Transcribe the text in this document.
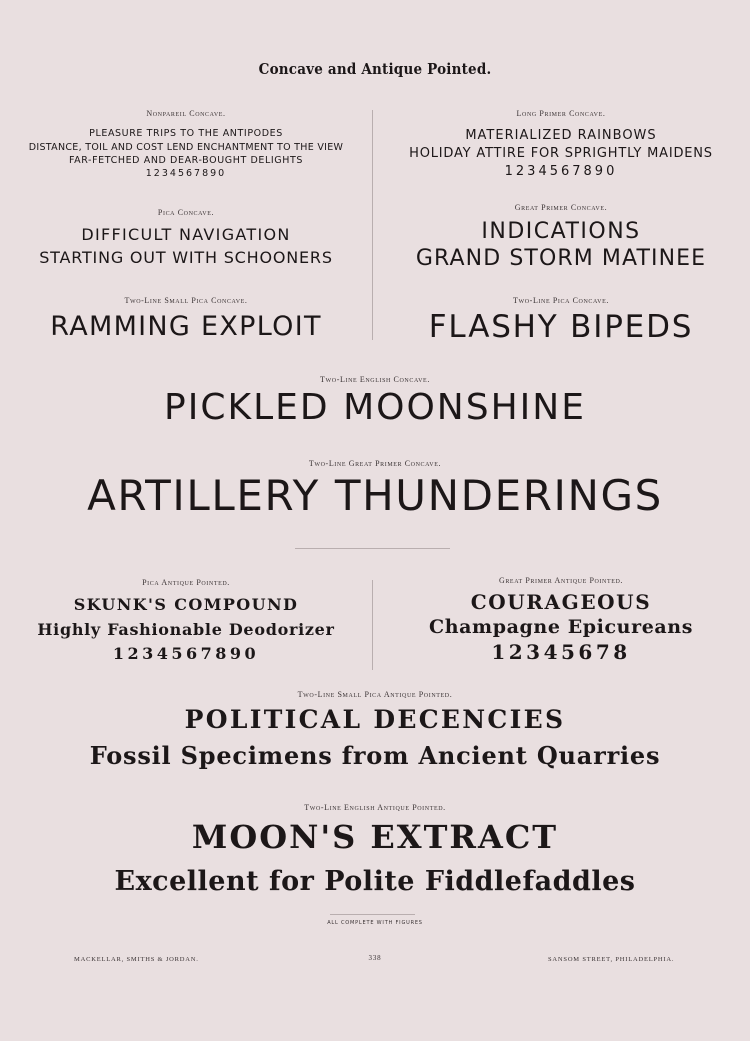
Concave and Antique Pointed.
Nonpareil Concave.
PLEASURE TRIPS TO THE ANTIPODES
DISTANCE, TOIL AND COST LEND ENCHANTMENT TO THE VIEW
FAR-FETCHED AND DEAR-BOUGHT DELIGHTS
1234567890
Long Primer Concave.
MATERIALIZED RAINBOWS
HOLIDAY ATTIRE FOR SPRIGHTLY MAIDENS
1234567890
Pica Concave.
DIFFICULT NAVIGATION
STARTING OUT WITH SCHOONERS
Great Primer Concave.
INDICATIONS
GRAND STORM MATINEE
Two-Line Small Pica Concave.
RAMMING EXPLOIT
Two-Line Pica Concave.
FLASHY BIPEDS
Two-Line English Concave.
PICKLED MOONSHINE
Two-Line Great Primer Concave.
ARTILLERY THUNDERINGS
Pica Antique Pointed.
SKUNK'S COMPOUND
Highly Fashionable Deodorizer
1234567890
Great Primer Antique Pointed.
COURAGEOUS
Champagne Epicureans
12345678
Two-Line Small Pica Antique Pointed.
POLITICAL DECENCIES
Fossil Specimens from Ancient Quarries
Two-Line English Antique Pointed.
MOON'S EXTRACT
Excellent for Polite Fiddlefaddles
ALL COMPLETE WITH FIGURES
MACKELLAR, SMITHS & JORDAN.	338	SANSOM STREET, PHILADELPHIA.
